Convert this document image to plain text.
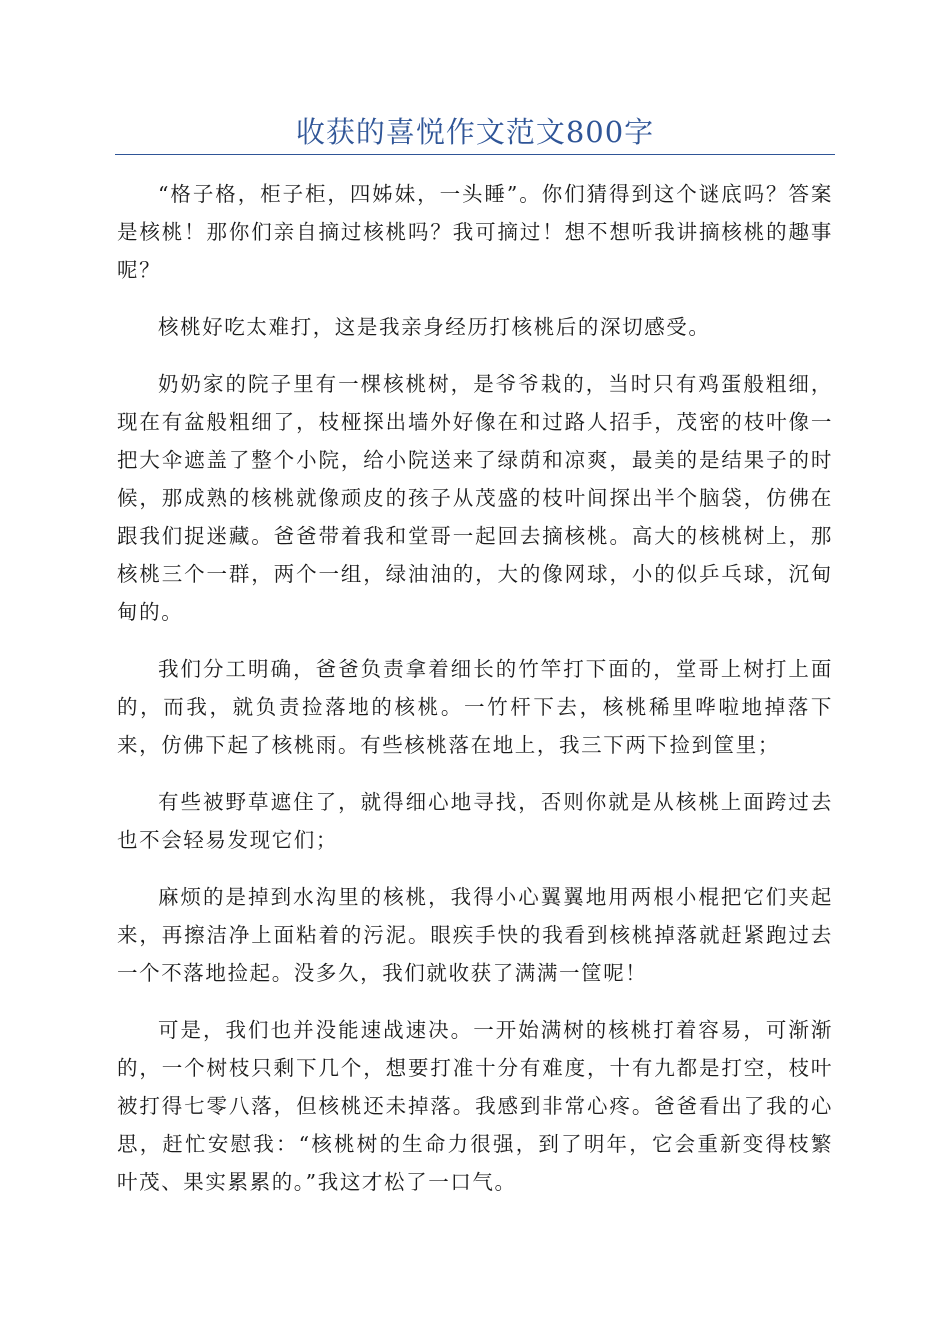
收获的喜悦作文范文800字

“格子格，柜子柜，四姊妹，一头睡”。你们猜得到这个谜底吗？答案是核桃！那你们亲自摘过核桃吗？我可摘过！想不想听我讲摘核桃的趣事呢？

核桃好吃太难打，这是我亲身经历打核桃后的深切感受。

奶奶家的院子里有一棵核桃树，是爷爷栽的，当时只有鸡蛋般粗细，现在有盆般粗细了，枝桠探出墙外好像在和过路人招手，茂密的枝叶像一把大伞遮盖了整个小院，给小院送来了绿荫和凉爽，最美的是结果子的时候，那成熟的核桃就像顽皮的孩子从茂盛的枝叶间探出半个脑袋，仿佛在跟我们捉迷藏。爸爸带着我和堂哥一起回去摘核桃。高大的核桃树上，那核桃三个一群，两个一组，绿油油的，大的像网球，小的似乒乓球，沉甸甸的。

我们分工明确，爸爸负责拿着细长的竹竿打下面的，堂哥上树打上面的，而我，就负责捡落地的核桃。一竹杆下去，核桃稀里哗啦地掉落下来，仿佛下起了核桃雨。有些核桃落在地上，我三下两下捡到筐里；

有些被野草遮住了，就得细心地寻找，否则你就是从核桃上面跨过去也不会轻易发现它们；

麻烦的是掉到水沟里的核桃，我得小心翼翼地用两根小棍把它们夹起来，再擦洁净上面粘着的污泥。眼疾手快的我看到核桃掉落就赶紧跑过去一个不落地捡起。没多久，我们就收获了满满一筐呢！

可是，我们也并没能速战速决。一开始满树的核桃打着容易，可渐渐的，一个树枝只剩下几个，想要打准十分有难度，十有九都是打空，枝叶被打得七零八落，但核桃还未掉落。我感到非常心疼。爸爸看出了我的心思，赶忙安慰我：“核桃树的生命力很强，到了明年，它会重新变得枝繁叶茂、果实累累的。”我这才松了一口气。
